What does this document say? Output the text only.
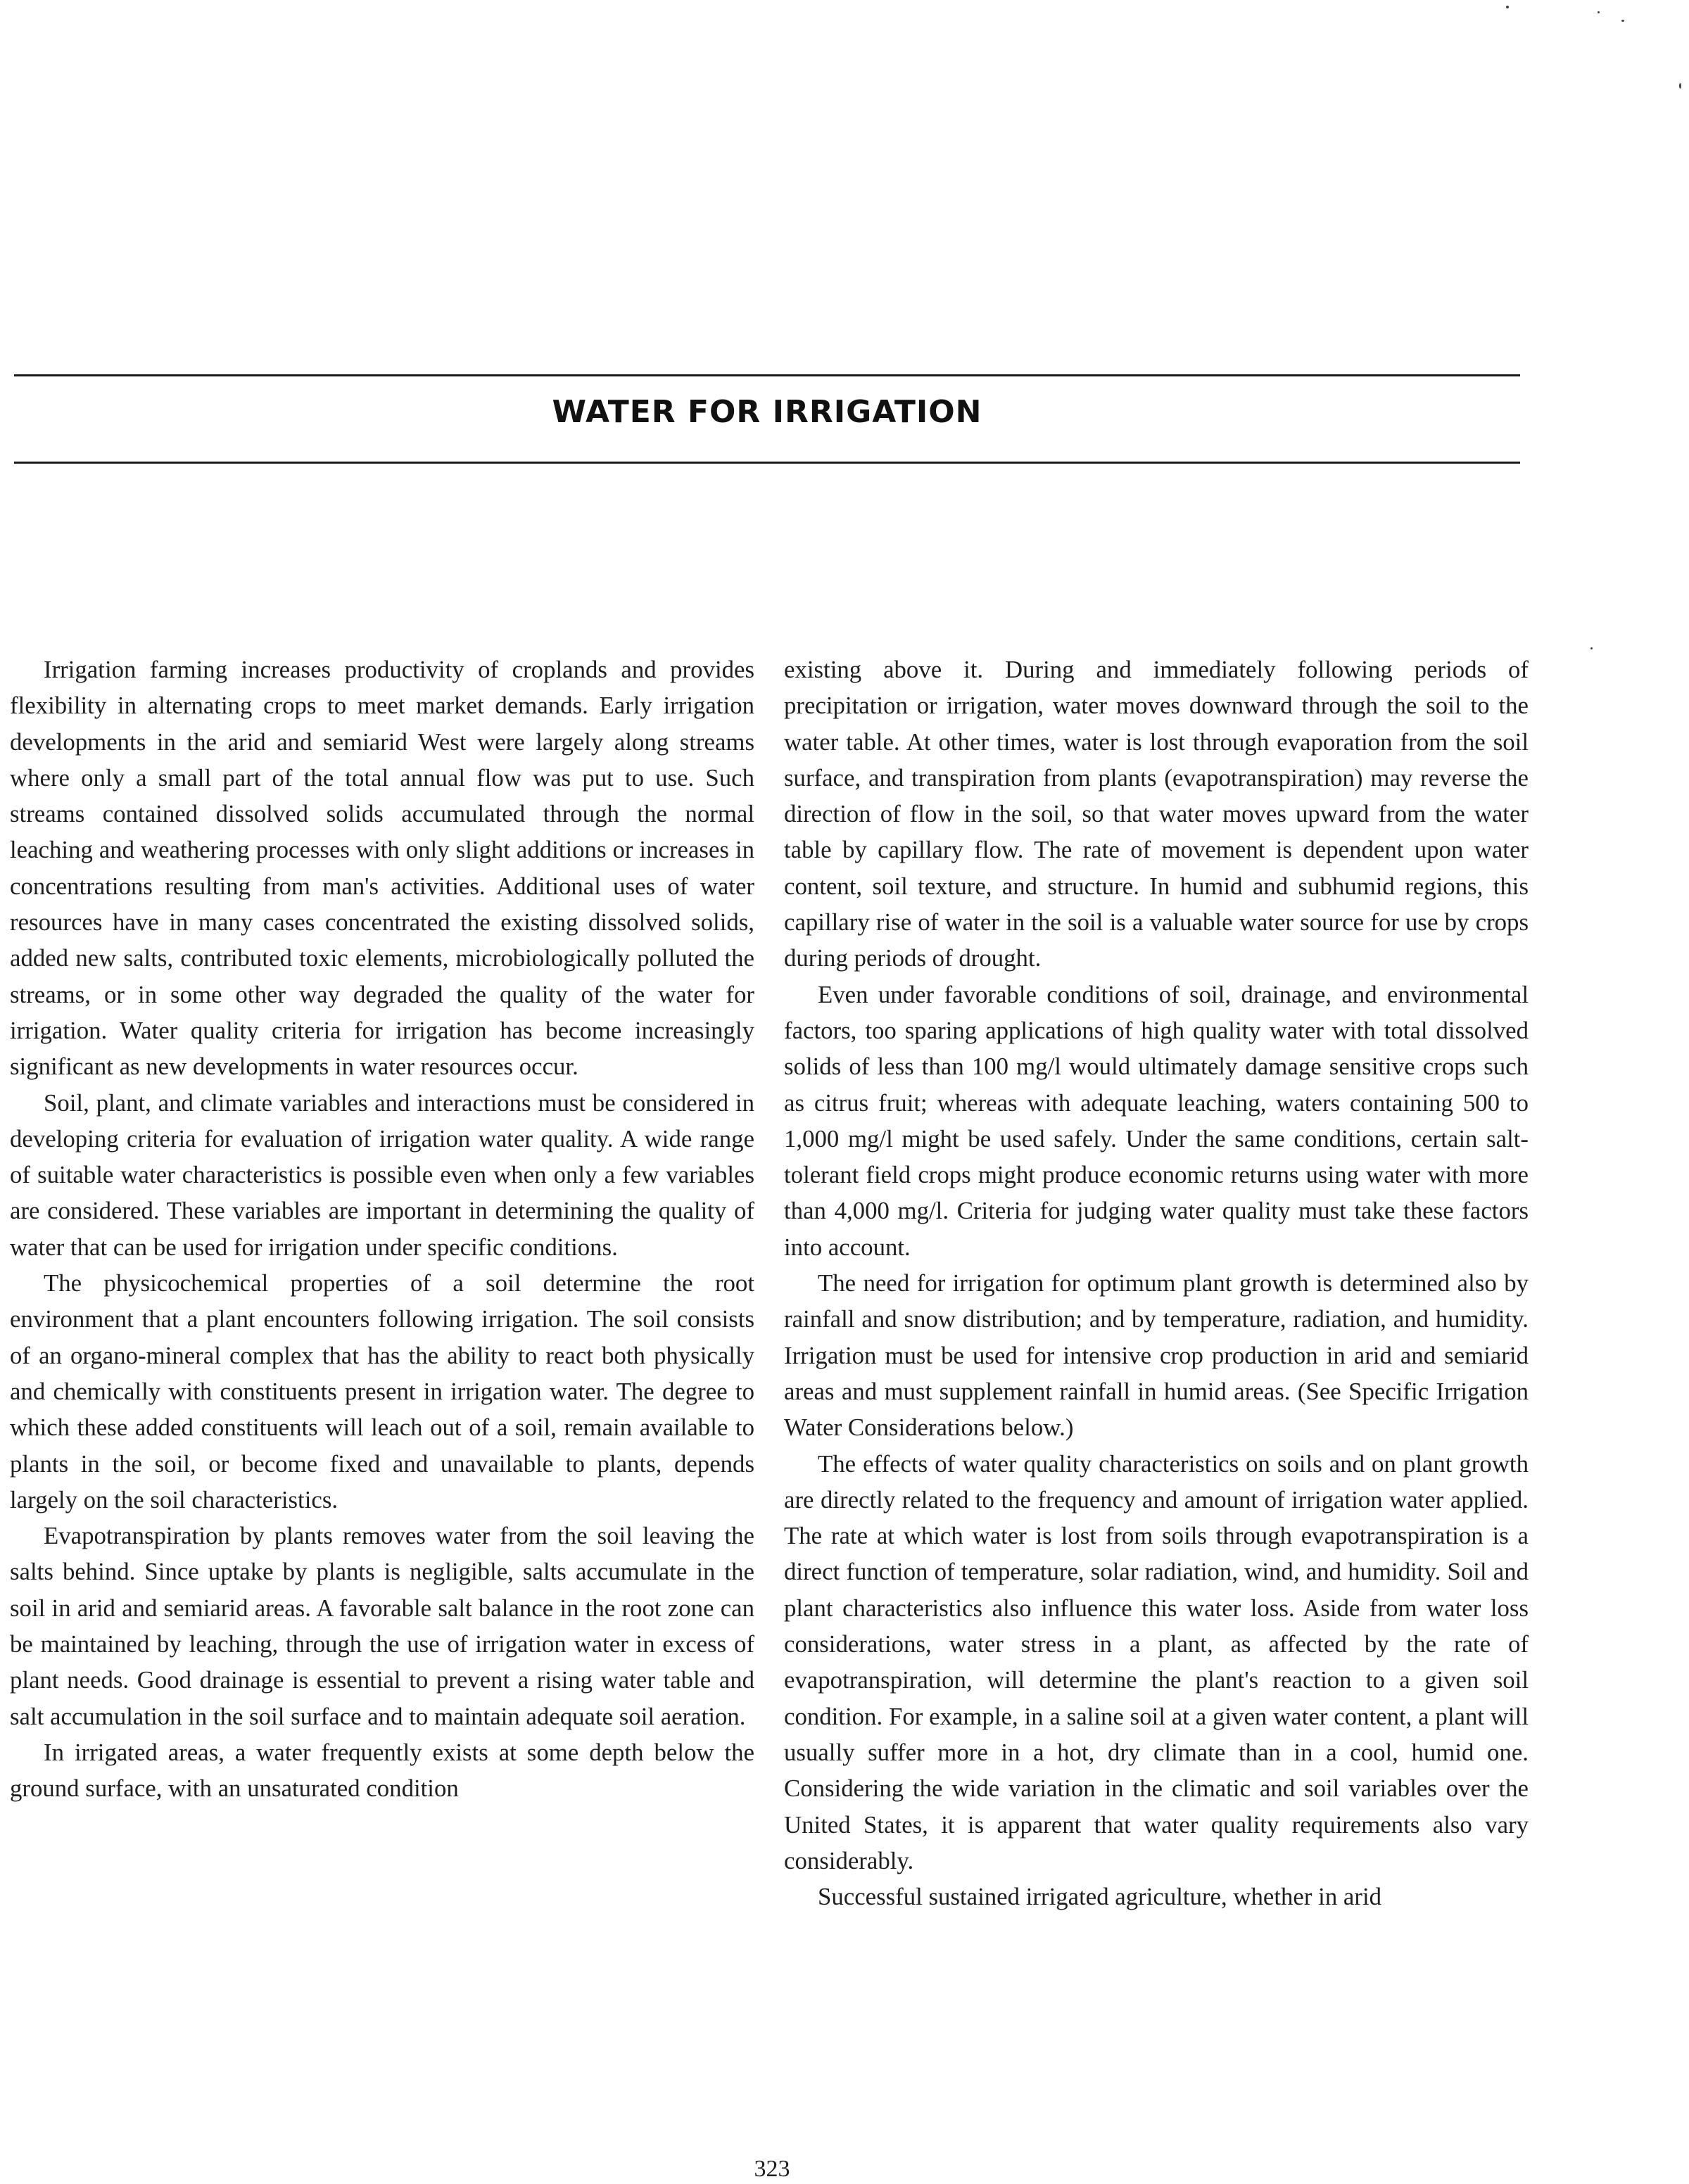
WATER FOR IRRIGATION

Irrigation farming increases productivity of croplands and provides flexibility in alternating crops to meet market demands. Early irrigation developments in the arid and semiarid West were largely along streams where only a small part of the total annual flow was put to use. Such streams contained dissolved solids accumulated through the normal leaching and weathering processes with only slight additions or increases in concentrations resulting from man's activities. Additional uses of water resources have in many cases concentrated the existing dissolved solids, added new salts, contributed toxic elements, microbiologically polluted the streams, or in some other way degraded the quality of the water for irrigation. Water quality criteria for irrigation has become increasingly significant as new developments in water resources occur.

Soil, plant, and climate variables and interactions must be considered in developing criteria for evaluation of irrigation water quality. A wide range of suitable water characteristics is possible even when only a few variables are considered. These variables are important in determining the quality of water that can be used for irrigation under specific conditions.

The physicochemical properties of a soil determine the root environment that a plant encounters following irrigation. The soil consists of an organo-mineral complex that has the ability to react both physically and chemically with constituents present in irrigation water. The degree to which these added constituents will leach out of a soil, remain available to plants in the soil, or become fixed and unavailable to plants, depends largely on the soil characteristics.

Evapotranspiration by plants removes water from the soil leaving the salts behind. Since uptake by plants is negligible, salts accumulate in the soil in arid and semiarid areas. A favorable salt balance in the root zone can be maintained by leaching, through the use of irrigation water in excess of plant needs. Good drainage is essential to prevent a rising water table and salt accumulation in the soil surface and to maintain adequate soil aeration.

In irrigated areas, a water frequently exists at some depth below the ground surface, with an unsaturated condition

existing above it. During and immediately following periods of precipitation or irrigation, water moves downward through the soil to the water table. At other times, water is lost through evaporation from the soil surface, and transpiration from plants (evapotranspiration) may reverse the direction of flow in the soil, so that water moves upward from the water table by capillary flow. The rate of movement is dependent upon water content, soil texture, and structure. In humid and subhumid regions, this capillary rise of water in the soil is a valuable water source for use by crops during periods of drought.

Even under favorable conditions of soil, drainage, and environmental factors, too sparing applications of high quality water with total dissolved solids of less than 100 mg/l would ultimately damage sensitive crops such as citrus fruit; whereas with adequate leaching, waters containing 500 to 1,000 mg/l might be used safely. Under the same conditions, certain salt-tolerant field crops might produce economic returns using water with more than 4,000 mg/l. Criteria for judging water quality must take these factors into account.

The need for irrigation for optimum plant growth is determined also by rainfall and snow distribution; and by temperature, radiation, and humidity. Irrigation must be used for intensive crop production in arid and semiarid areas and must supplement rainfall in humid areas. (See Specific Irrigation Water Considerations below.)

The effects of water quality characteristics on soils and on plant growth are directly related to the frequency and amount of irrigation water applied. The rate at which water is lost from soils through evapotranspiration is a direct function of temperature, solar radiation, wind, and humidity. Soil and plant characteristics also influence this water loss. Aside from water loss considerations, water stress in a plant, as affected by the rate of evapotranspiration, will determine the plant's reaction to a given soil condition. For example, in a saline soil at a given water content, a plant will usually suffer more in a hot, dry climate than in a cool, humid one. Considering the wide variation in the climatic and soil variables over the United States, it is apparent that water quality requirements also vary considerably.

Successful sustained irrigated agriculture, whether in arid

323
